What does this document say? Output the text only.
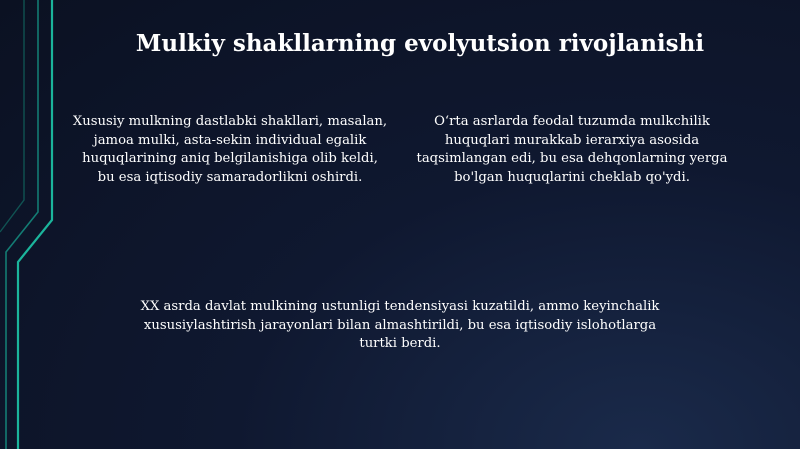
Mulkiy shakllarning evolyutsion rivojlanishi

Xususiy mulkning dastlabki shakllari, masalan, jamoa mulki, asta-sekin individual egalik huquqlarining aniq belgilanishiga olib keldi, bu esa iqtisodiy samaradorlikni oshirdi.

O‘rta asrlarda feodal tuzumda mulkchilik huquqlari murakkab ierarxiya asosida taqsimlangan edi, bu esa dehqonlarning yerga bo'lgan huquqlarini cheklab qo'ydi.

XX asrda davlat mulkining ustunligi tendensiyasi kuzatildi, ammo keyinchalik xususiylashtirish jarayonlari bilan almashtirildi, bu esa iqtisodiy islohotlarga turtki berdi.
